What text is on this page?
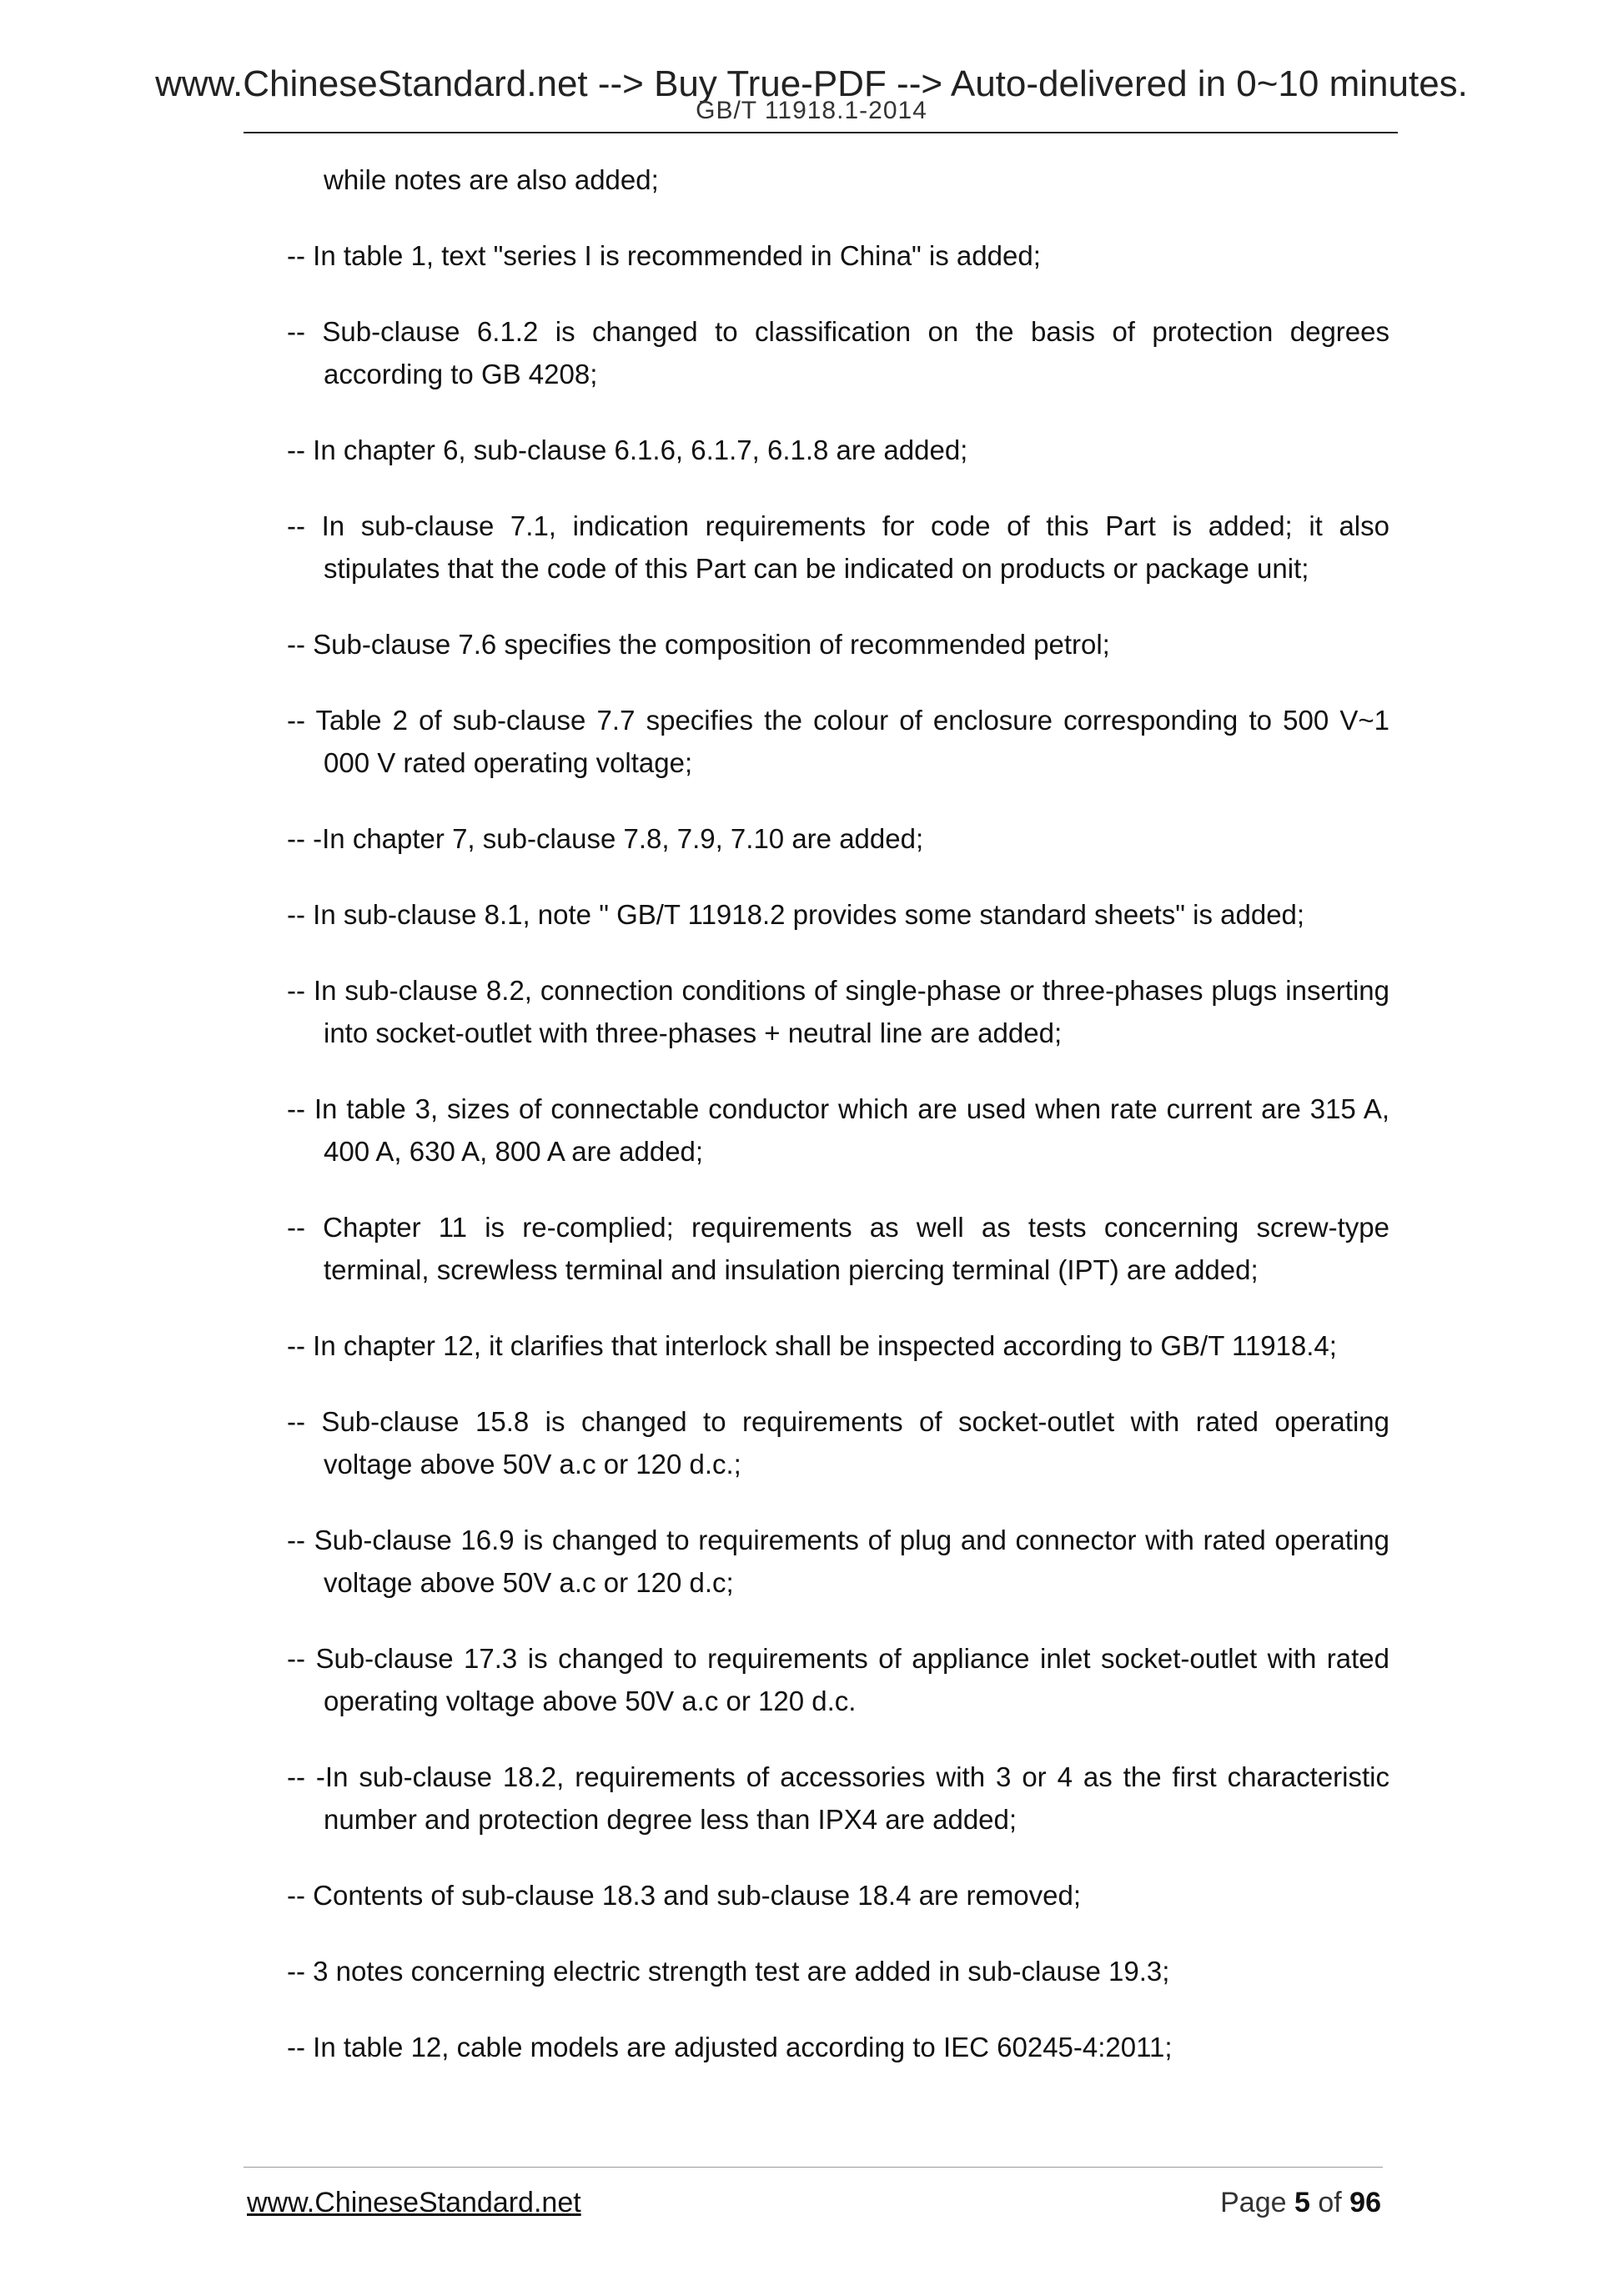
www.ChineseStandard.net --> Buy True-PDF --> Auto-delivered in 0~10 minutes.
GB/T 11918.1-2014
while notes are also added;
-- In table 1, text "series I is recommended in China" is added;
-- Sub-clause 6.1.2 is changed to classification on the basis of protection degrees according to GB 4208;
-- In chapter 6, sub-clause 6.1.6, 6.1.7, 6.1.8 are added;
-- In sub-clause 7.1, indication requirements for code of this Part is added; it also stipulates that the code of this Part can be indicated on products or package unit;
-- Sub-clause 7.6 specifies the composition of recommended petrol;
-- Table 2 of sub-clause 7.7 specifies the colour of enclosure corresponding to 500 V~1 000 V rated operating voltage;
-- -In chapter 7, sub-clause 7.8, 7.9, 7.10 are added;
-- In sub-clause 8.1, note " GB/T 11918.2 provides some standard sheets" is added;
-- In sub-clause 8.2, connection conditions of single-phase or three-phases plugs inserting into socket-outlet with three-phases + neutral line are added;
-- In table 3, sizes of connectable conductor which are used when rate current are 315 A, 400 A, 630 A, 800 A are added;
-- Chapter 11 is re-complied; requirements as well as tests concerning screw-type terminal, screwless terminal and insulation piercing terminal (IPT) are added;
-- In chapter 12, it clarifies that interlock shall be inspected according to GB/T 11918.4;
-- Sub-clause 15.8 is changed to requirements of socket-outlet with rated operating voltage above 50V a.c or 120 d.c.;
-- Sub-clause 16.9 is changed to requirements of plug and connector with rated operating voltage above 50V a.c or 120 d.c;
-- Sub-clause 17.3 is changed to requirements of appliance inlet socket-outlet with rated operating voltage above 50V a.c or 120 d.c.
-- -In sub-clause 18.2, requirements of accessories with 3 or 4 as the first characteristic number and protection degree less than IPX4 are added;
-- Contents of sub-clause 18.3 and sub-clause 18.4 are removed;
-- 3 notes concerning electric strength test are added in sub-clause 19.3;
-- In table 12, cable models are adjusted according to IEC 60245-4:2011;
www.ChineseStandard.net	Page 5 of 96
